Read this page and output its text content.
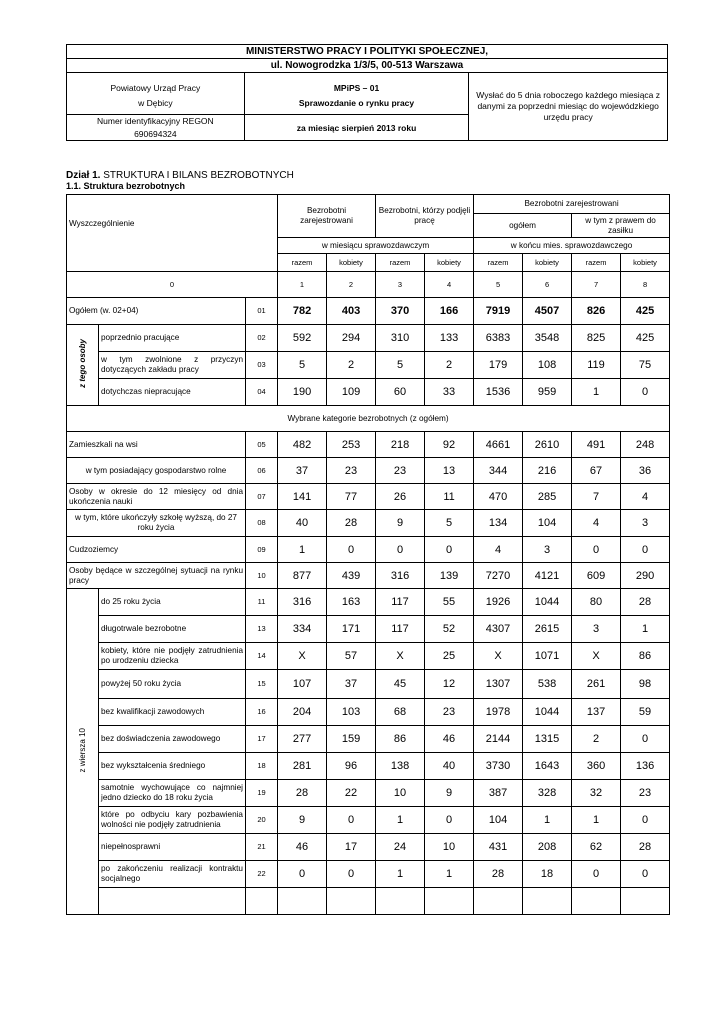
MINISTERSTWO PRACY I POLITYKI SPOŁECZNEJ,		
ul. Nowogrodzka 1/3/5, 00-513 Warszawa		
Powiatowy Urząd Pracy	MPiPS – 01	Wysłać do 5 dnia roboczego każdego miesiąca z danymi za poprzedni miesiąc do wojewódzkiego urzędu pracy
w Dębicy	Sprawozdanie o rynku pracy	
Numer identyfikacyjny REGON	za miesiąc sierpień 2013 roku	
690694324		
Dział 1. STRUKTURA I BILANS BEZROBOTNYCH
1.1. Struktura bezrobotnych
Wyszczególnienie			Bezrobotni zarejestrowani		Bezrobotni, którzy podjęli pracę		Bezrobotni zarejestrowani			
							ogółem		w tym z prawem do zasiłku	
			w miesiącu sprawozdawczym				w końcu mies. sprawozdawczego			
			razem	kobiety	razem	kobiety	razem	kobiety	razem	kobiety
0			1	2	3	4	5	6	7	8
Ogółem (w. 02+04)		01	782	403	370	166	7919	4507	826	425
z tego osoby	poprzednio pracujące	02	592	294	310	133	6383	3548	825	425
	w tym zwolnione z przyczyn dotyczących zakładu pracy	03	5	2	5	2	179	108	119	75
	dotychczas niepracujące	04	190	109	60	33	1536	959	1	0
Wybrane kategorie bezrobotnych (z ogółem)										
Zamieszkali na wsi		05	482	253	218	92	4661	2610	491	248
w tym posiadający gospodarstwo rolne		06	37	23	23	13	344	216	67	36
Osoby w okresie do 12 miesięcy od dnia ukończenia nauki		07	141	77	26	11	470	285	7	4
w tym, które ukończyły szkołę wyższą, do 27 roku życia		08	40	28	9	5	134	104	4	3
Cudzoziemcy		09	1	0	0	0	4	3	0	0
Osoby będące w szczególnej sytuacji na rynku pracy		10	877	439	316	139	7270	4121	609	290
z wiersza 10	do 25 roku życia	11	316	163	117	55	1926	1044	80	28
	długotrwale bezrobotne	13	334	171	117	52	4307	2615	3	1
	kobiety, które nie podjęły zatrudnienia po urodzeniu dziecka	14	X	57	X	25	X	1071	X	86
	powyżej 50 roku życia	15	107	37	45	12	1307	538	261	98
	bez kwalifikacji zawodowych	16	204	103	68	23	1978	1044	137	59
	bez doświadczenia zawodowego	17	277	159	86	46	2144	1315	2	0
	bez wykształcenia średniego	18	281	96	138	40	3730	1643	360	136
	samotnie wychowujące co najmniej jedno dziecko do 18 roku życia	19	28	22	10	9	387	328	32	23
	które po odbyciu kary pozbawienia wolności nie podjęły zatrudnienia	20	9	0	1	0	104	1	1	0
	niepełnosprawni	21	46	17	24	10	431	208	62	28
	po zakończeniu realizacji kontraktu socjalnego	22	0	0	1	1	28	18	0	0
